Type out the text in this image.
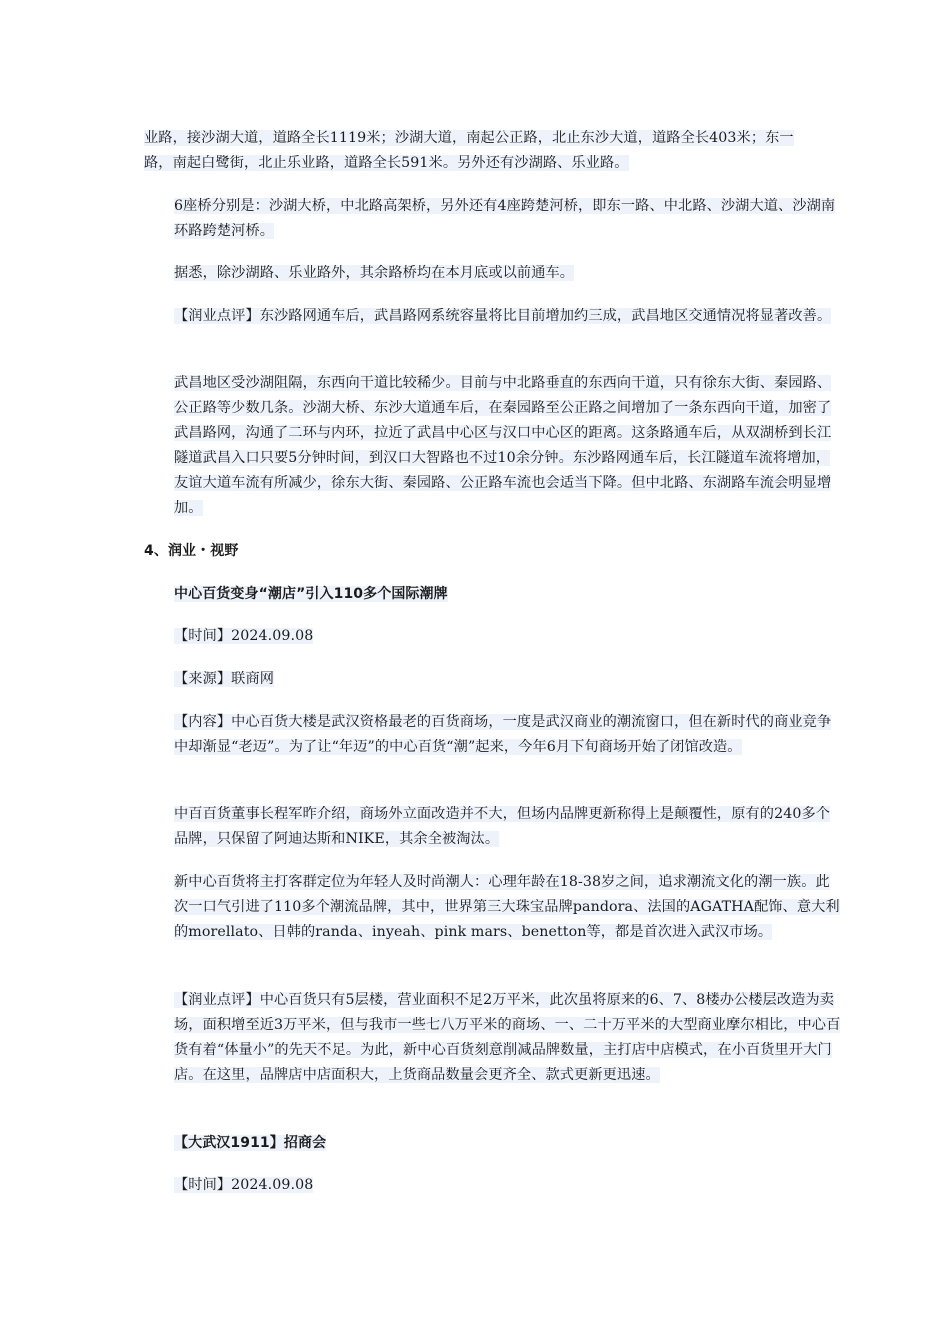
业路，接沙湖大道，道路全长1119米；沙湖大道，南起公正路，北止东沙大道，道路全长403米；东一路，南起白鹭街，北止乐业路，道路全长591米。另外还有沙湖路、乐业路。

6座桥分别是：沙湖大桥，中北路高架桥，另外还有4座跨楚河桥，即东一路、中北路、沙湖大道、沙湖南环路跨楚河桥。

据悉，除沙湖路、乐业路外，其余路桥均在本月底或以前通车。

【润业点评】东沙路网通车后，武昌路网系统容量将比目前增加约三成，武昌地区交通情况将显著改善。

武昌地区受沙湖阻隔，东西向干道比较稀少。目前与中北路垂直的东西向干道，只有徐东大街、秦园路、公正路等少数几条。沙湖大桥、东沙大道通车后，在秦园路至公正路之间增加了一条东西向干道，加密了武昌路网，沟通了二环与内环，拉近了武昌中心区与汉口中心区的距离。这条路通车后，从双湖桥到长江隧道武昌入口只要5分钟时间，到汉口大智路也不过10余分钟。东沙路网通车后，长江隧道车流将增加，友谊大道车流有所减少，徐东大街、秦园路、公正路车流也会适当下降。但中北路、东湖路车流会明显增加。

4、润业・视野

中心百货变身“潮店”引入110多个国际潮牌

【时间】2024.09.08

【来源】联商网

【内容】中心百货大楼是武汉资格最老的百货商场，一度是武汉商业的潮流窗口，但在新时代的商业竞争中却渐显“老迈”。为了让“年迈”的中心百货“潮”起来，今年6月下旬商场开始了闭馆改造。

中百百货董事长程军昨介绍，商场外立面改造并不大，但场内品牌更新称得上是颠覆性，原有的240多个品牌，只保留了阿迪达斯和NIKE，其余全被淘汰。

新中心百货将主打客群定位为年轻人及时尚潮人：心理年龄在18-38岁之间，追求潮流文化的潮一族。此次一口气引进了110多个潮流品牌，其中，世界第三大珠宝品牌pandora、法国的AGATHA配饰、意大利的morellato、日韩的randa、inyeah、pink mars、benetton等，都是首次进入武汉市场。

【润业点评】中心百货只有5层楼，营业面积不足2万平米，此次虽将原来的6、7、8楼办公楼层改造为卖场，面积增至近3万平米，但与我市一些七八万平米的商场、一、二十万平米的大型商业摩尔相比，中心百货有着“体量小”的先天不足。为此，新中心百货刻意削减品牌数量，主打店中店模式，在小百货里开大门店。在这里，品牌店中店面积大，上货商品数量会更齐全、款式更新更迅速。

【大武汉1911】招商会

【时间】2024.09.08
